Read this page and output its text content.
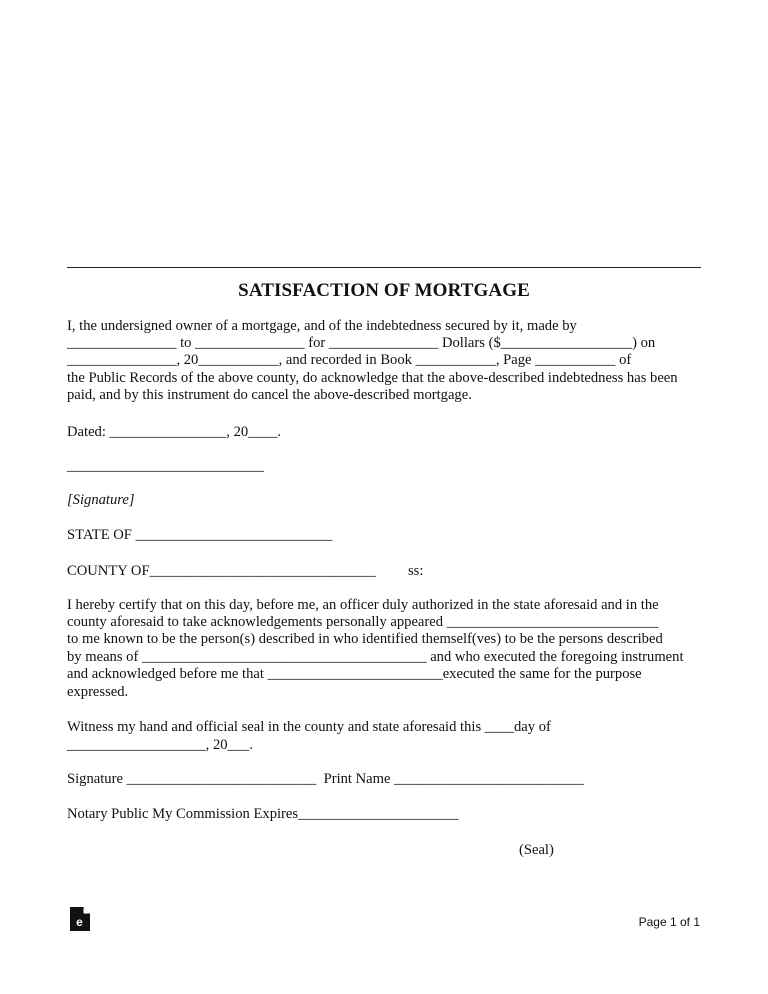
SATISFACTION OF MORTGAGE

I, the undersigned owner of a mortgage, and of the indebtedness secured by it, made by

_______________ to _______________ for _______________ Dollars ($__________________) on

_______________, 20___________, and recorded in Book ___________, Page ___________ of

the Public Records of the above county, do acknowledge that the above-described indebtedness has been

paid, and by this instrument do cancel the above-described mortgage.

Dated: ________________, 20____.

___________________________

[Signature]

STATE OF ___________________________

COUNTY OF_______________________________ ss:

I hereby certify that on this day, before me, an officer duly authorized in the state aforesaid and in the

county aforesaid to take acknowledgements personally appeared _____________________________

to me known to be the person(s) described in who identified themself(ves) to be the persons described

by means of _______________________________________ and who executed the foregoing instrument

and acknowledged before me that ________________________executed the same for the purpose

expressed.

Witness my hand and official seal in the county and state aforesaid this ____day of

___________________, 20___.

Signature __________________________  Print Name __________________________

Notary Public My Commission Expires______________________

(Seal)
e	Page 1 of 1
